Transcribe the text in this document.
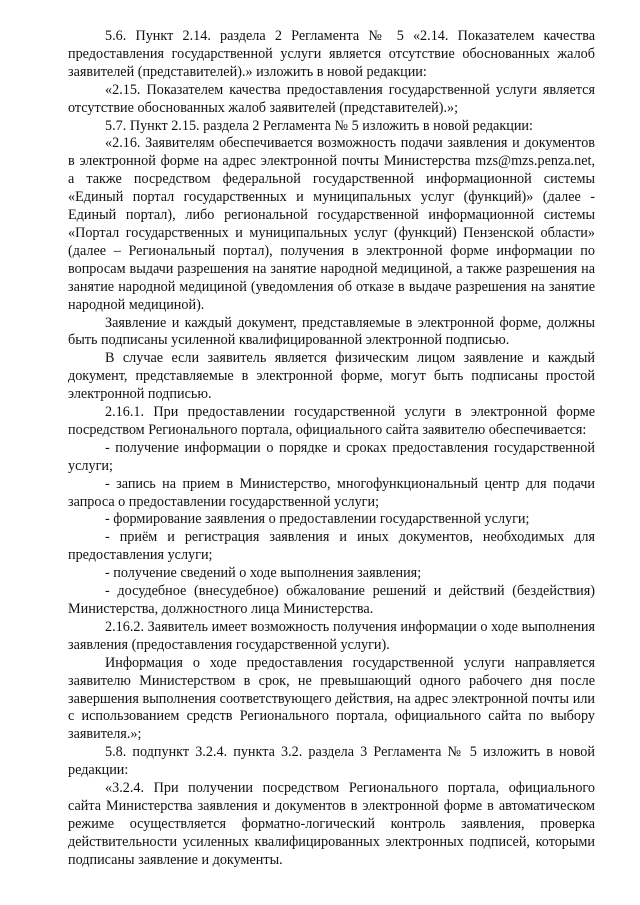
5.6. Пункт 2.14. раздела 2 Регламента № 5 «2.14. Показателем качества предоставления государственной услуги является отсутствие обоснованных жалоб заявителей (представителей).» изложить в новой редакции:

«2.15. Показателем качества предоставления государственной услуги является отсутствие обоснованных жалоб заявителей (представителей).»;

5.7. Пункт 2.15. раздела 2 Регламента № 5 изложить в новой редакции:

«2.16. Заявителям обеспечивается возможность подачи заявления и документов в электронной форме на адрес электронной почты Министерства mzs@mzs.penza.net, а также посредством федеральной государственной информационной системы «Единый портал государственных и муниципальных услуг (функций)» (далее - Единый портал), либо региональной государственной информационной системы «Портал государственных и муниципальных услуг (функций) Пензенской области» (далее – Региональный портал), получения в электронной форме информации по вопросам выдачи разрешения на занятие народной медициной, а также разрешения на занятие народной медициной (уведомления об отказе в выдаче разрешения на занятие народной медициной).

Заявление и каждый документ, представляемые в электронной форме, должны быть подписаны усиленной квалифицированной электронной подписью.

В случае если заявитель является физическим лицом заявление и каждый документ, представляемые в электронной форме, могут быть подписаны простой электронной подписью.

2.16.1. При предоставлении государственной услуги в электронной форме посредством Регионального портала, официального сайта заявителю обеспечивается:

- получение информации о порядке и сроках предоставления государственной услуги;

- запись на прием в Министерство, многофункциональный центр для подачи запроса о предоставлении государственной услуги;

- формирование заявления о предоставлении государственной услуги;

- приём и регистрация заявления и иных документов, необходимых для предоставления услуги;

- получение сведений о ходе выполнения заявления;

- досудебное (внесудебное) обжалование решений и действий (бездействия) Министерства, должностного лица Министерства.

2.16.2. Заявитель имеет возможность получения информации о ходе выполнения заявления (предоставления государственной услуги).

Информация о ходе предоставления государственной услуги направляется заявителю Министерством в срок, не превышающий одного рабочего дня после завершения выполнения соответствующего действия, на адрес электронной почты или с использованием средств Регионального портала, официального сайта по выбору заявителя.»;

5.8. подпункт 3.2.4. пункта 3.2. раздела 3 Регламента № 5 изложить в новой редакции:

«3.2.4. При получении посредством Регионального портала, официального сайта Министерства заявления и документов в электронной форме в автоматическом режиме осуществляется форматно-логический контроль заявления, проверка действительности усиленных квалифицированных электронных подписей, которыми подписаны заявление и документы.
